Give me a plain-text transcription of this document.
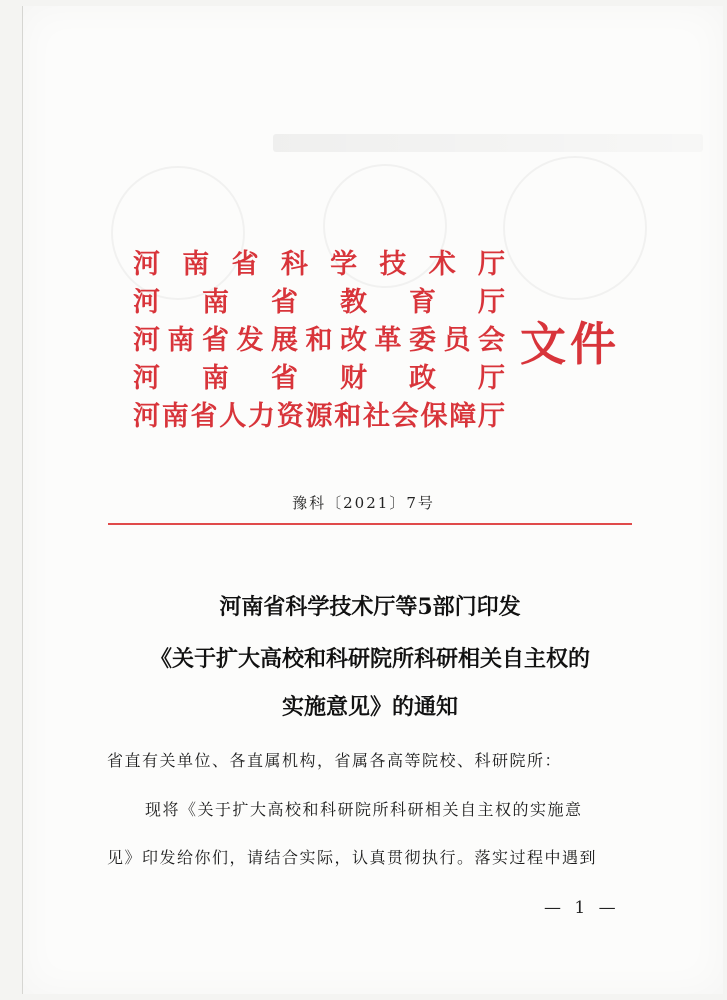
河 南 省 科 学 技 术 厅
河 南 省 教 育 厅
河 南 省 发 展 和 改 革 委 员 会
河 南 省 财 政 厅
河 南 省 人 力 资 源 和 社 会 保 障 厅
文件
豫科〔2021〕7号
河南省科学技术厅等5部门印发
《关于扩大高校和科研院所科研相关自主权的
实施意见》的通知
省直有关单位、各直属机构，省属各高等院校、科研院所：
现将《关于扩大高校和科研院所科研相关自主权的实施意
见》印发给你们，请结合实际，认真贯彻执行。落实过程中遇到
— 1 —
